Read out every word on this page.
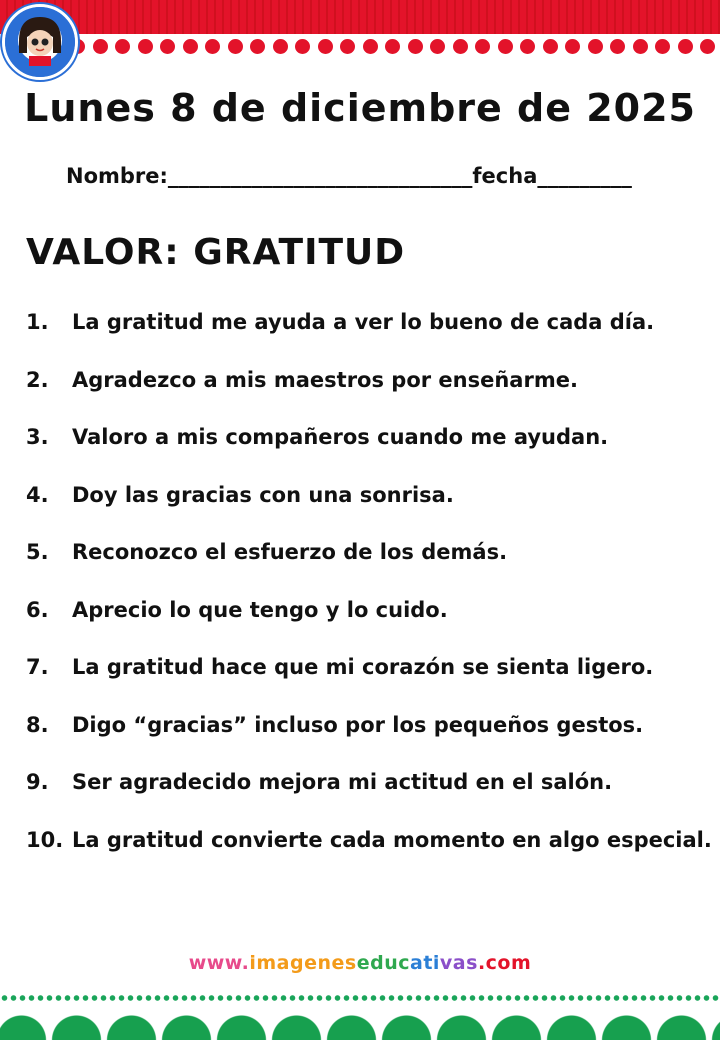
Lunes 8 de diciembre de 2025
Nombre:_____________________________fecha_________
VALOR: GRATITUD
1.	La gratitud me ayuda a ver lo bueno de cada día.
2.	Agradezco a mis maestros por enseñarme.
3.	Valoro a mis compañeros cuando me ayudan.
4.	Doy las gracias con una sonrisa.
5.	Reconozco el esfuerzo de los demás.
6.	Aprecio lo que tengo y lo cuido.
7.	La gratitud hace que mi corazón se sienta ligero.
8.	Digo “gracias” incluso por los pequeños gestos.
9.	Ser agradecido mejora mi actitud en el salón.
10. La gratitud convierte cada momento en algo especial.
www.imageneseducativas.com
